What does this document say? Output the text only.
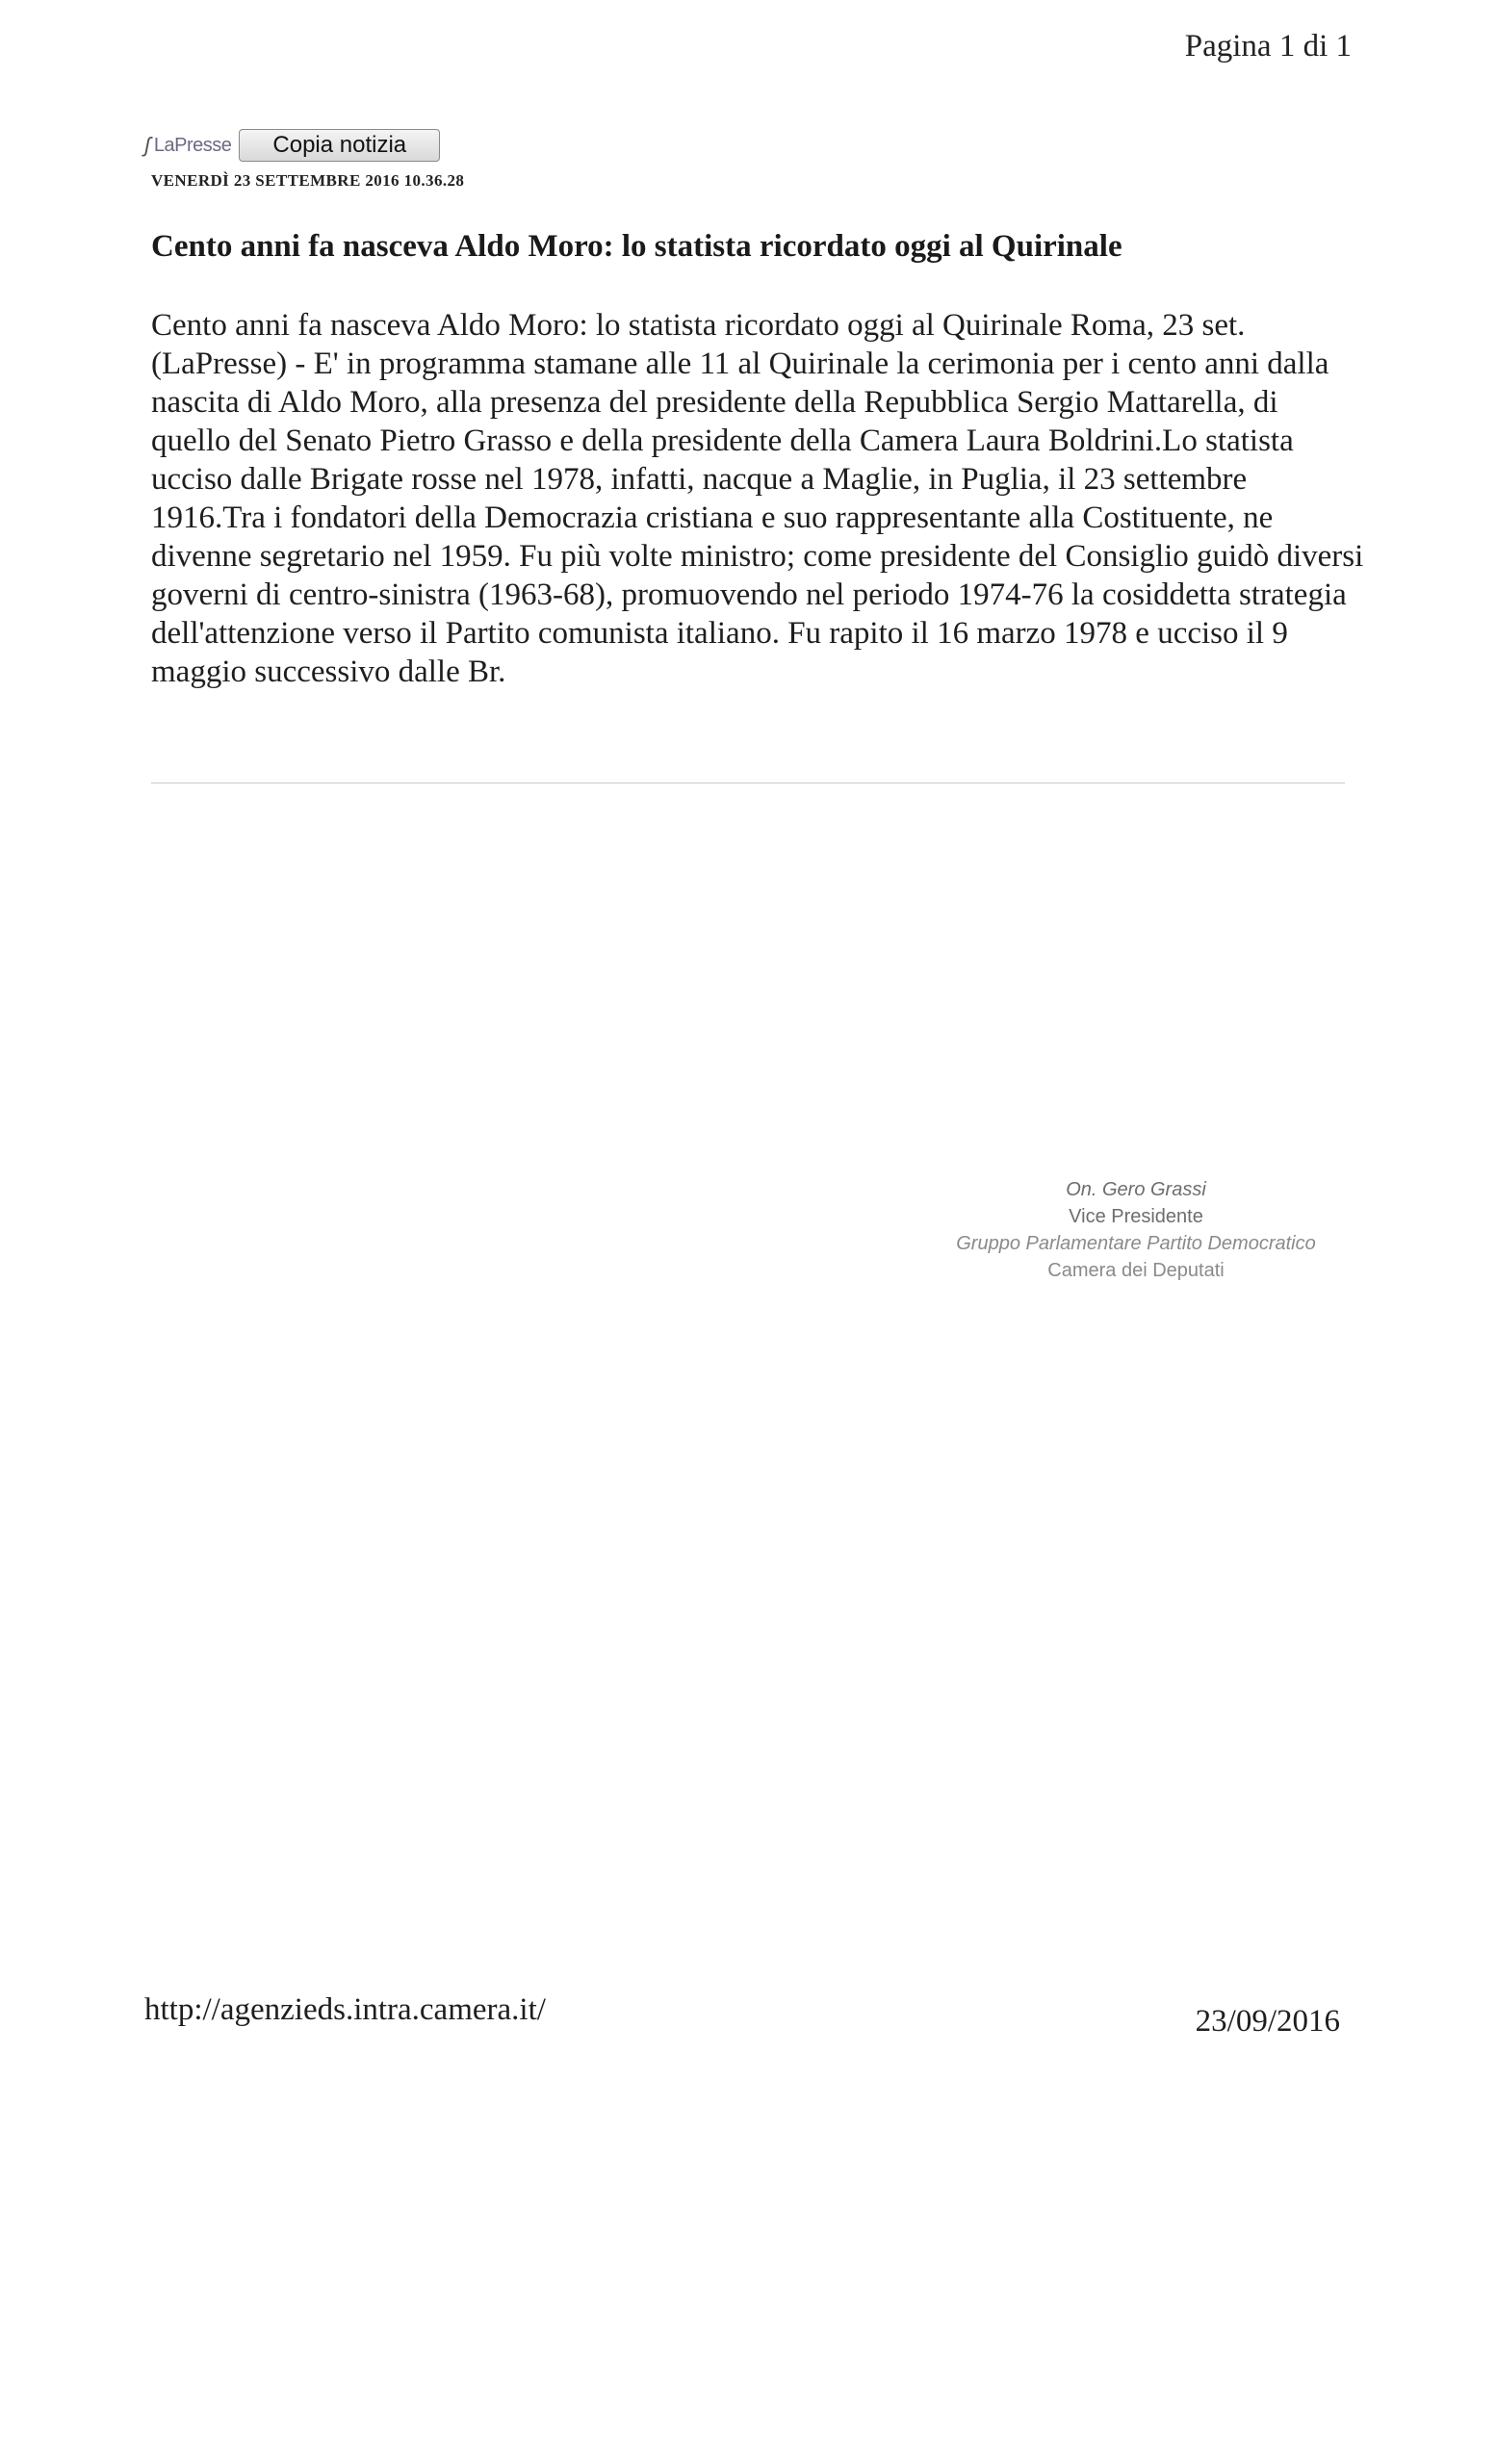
Pagina 1 di 1
ʃ LaPresse	Copia notizia
VENERDÌ 23 SETTEMBRE 2016 10.36.28
Cento anni fa nasceva Aldo Moro: lo statista ricordato oggi al Quirinale

Cento anni fa nasceva Aldo Moro: lo statista ricordato oggi al Quirinale Roma, 23 set. (LaPresse) - E' in programma stamane alle 11 al Quirinale la cerimonia per i cento anni dalla nascita di Aldo Moro, alla presenza del presidente della Repubblica Sergio Mattarella, di quello del Senato Pietro Grasso e della presidente della Camera Laura Boldrini.Lo statista ucciso dalle Brigate rosse nel 1978, infatti, nacque a Maglie, in Puglia, il 23 settembre 1916.Tra i fondatori della Democrazia cristiana e suo rappresentante alla Costituente, ne divenne segretario nel 1959. Fu più volte ministro; come presidente del Consiglio guidò diversi governi di centro-sinistra (1963-68), promuovendo nel periodo 1974-76 la cosiddetta strategia dell'attenzione verso il Partito comunista italiano. Fu rapito il 16 marzo 1978 e ucciso il 9 maggio successivo dalle Br.

On. Gero Grassi
Vice Presidente
Gruppo Parlamentare Partito Democratico
Camera dei Deputati
http://agenzieds.intra.camera.it/	23/09/2016
